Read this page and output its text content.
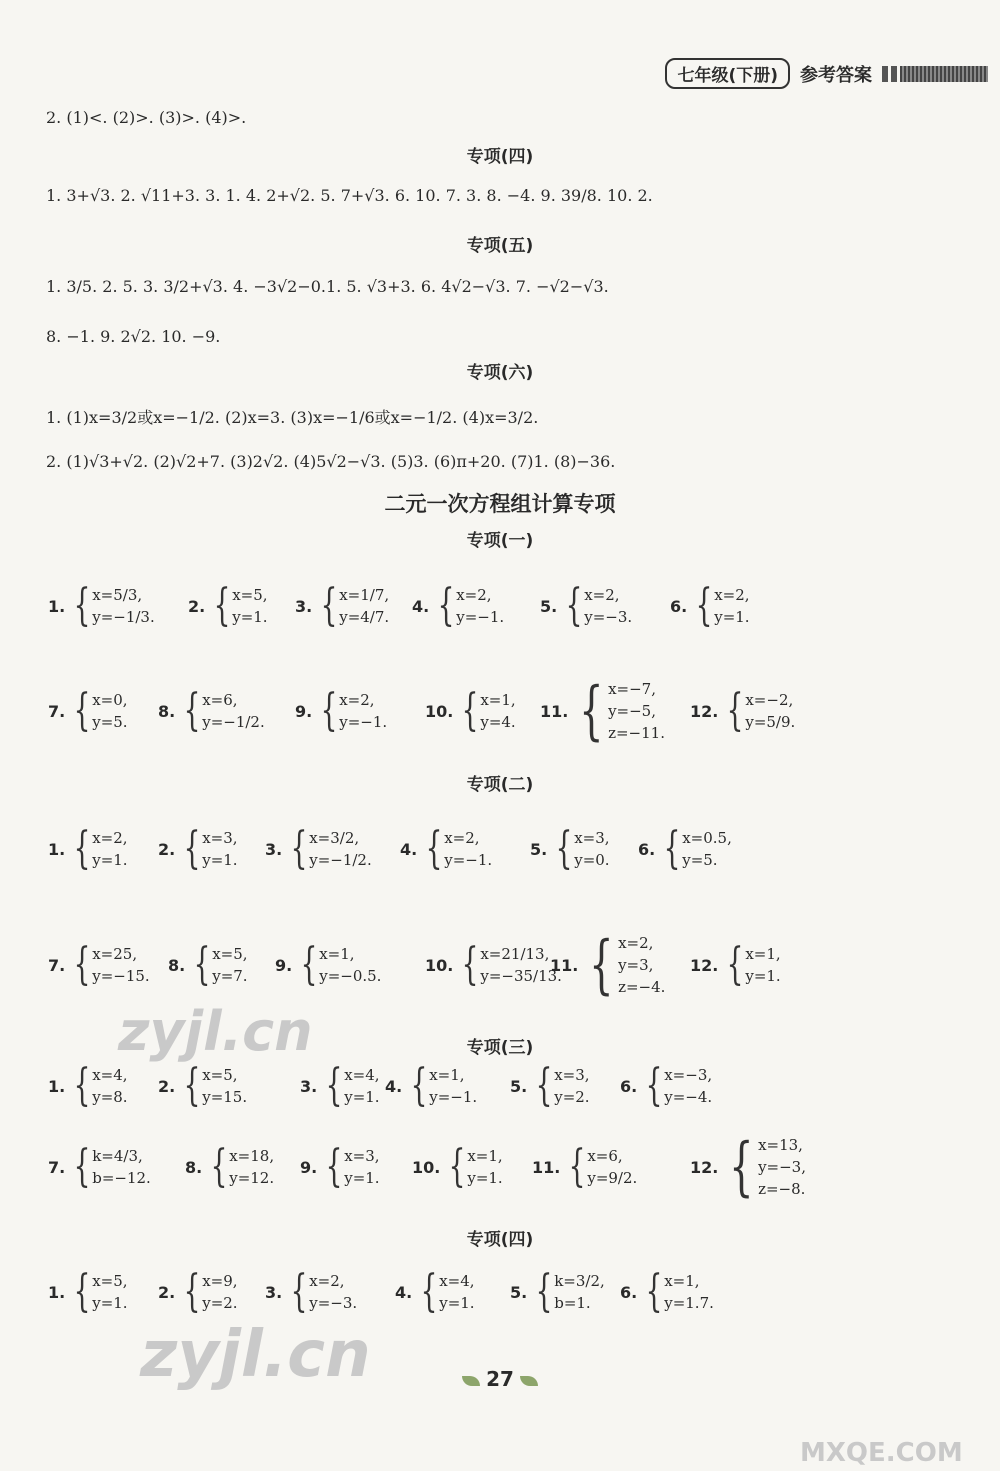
七年级(下册)	参考答案
2. (1)<. (2)>. (3)>. (4)>.
专项(四)
1. 3+√3. 2. √11+3. 3. 1. 4. 2+√2. 5. 7+√3. 6. 10. 7. 3. 8. −4. 9. 39/8. 10. 2.
专项(五)
1. 3/5. 2. 5. 3. 3/2+√3. 4. −3√2−0.1. 5. √3+3. 6. 4√2−√3. 7. −√2−√3.
8. −1. 9. 2√2. 10. −9.
专项(六)
1. (1)x=3/2或x=−1/2. (2)x=3. (3)x=−1/6或x=−1/2. (4)x=3/2.
2. (1)√3+√2. (2)√2+7. (3)2√2. (4)5√2−√3. (5)3. (6)π+20. (7)1. (8)−36.
二元一次方程组计算专项
专项(一)
专项(二)
专项(三)
专项(四)
1. { x=5/3,
y=−1/3.
2. { x=5,
y=1.
3. { x=1/7,
y=4/7.
4. { x=2,
y=−1.
5. { x=2,
y=−3.
6. { x=2,
y=1.
7. { x=0,
y=5.
8. { x=6,
y=−1/2.
9. { x=2,
y=−1.
10. { x=1,
y=4.
11. { x=−7,
y=−5,
z=−11.
12. { x=−2,
y=5/9.
1. { x=2,
y=1.
2. { x=3,
y=1.
3. { x=3/2,
y=−1/2.
4. { x=2,
y=−1.
5. { x=3,
y=0.
6. { x=0.5,
y=5.
7. { x=25,
y=−15.
8. { x=5,
y=7.
9. { x=1,
y=−0.5.
10. { x=21/13,
y=−35/13.
11. { x=2,
y=3,
z=−4.
12. { x=1,
y=1.
1. { x=4,
y=8.
2. { x=5,
y=15.
3. { x=4,
y=1.
4. { x=1,
y=−1.
5. { x=3,
y=2.
6. { x=−3,
y=−4.
7. { k=4/3,
b=−12.
8. { x=18,
y=12.
9. { x=3,
y=1.
10. { x=1,
y=1.
11. { x=6,
y=9/2.
12. { x=13,
y=−3,
z=−8.
1. { x=5,
y=1.
2. { x=9,
y=2.
3. { x=2,
y=−3.
4. { x=4,
y=1.
5. { k=3/2,
b=1.
6. { x=1,
y=1.7.
zyjl.cn
zyjl.cn
MXQE.COM
27
